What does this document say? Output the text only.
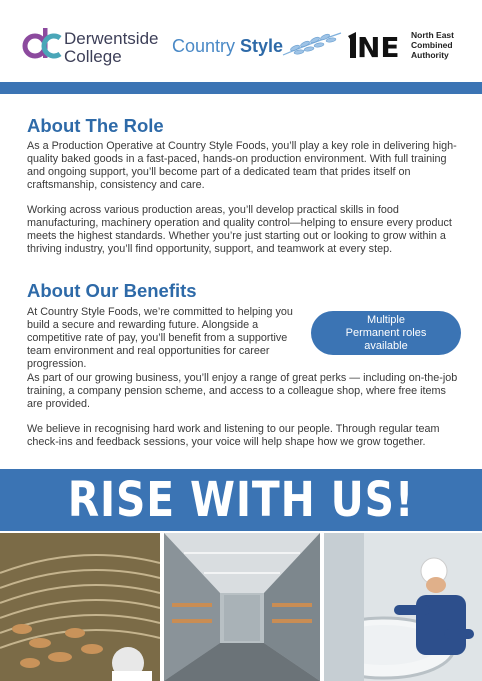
Derwentside
College
Country Style	NE North East
Combined
Authority
About The Role

As a Production Operative at Country Style Foods, you’ll play a key role in delivering high-quality baked goods in a fast-paced, hands-on production environment. With full training and ongoing support, you’ll become part of a dedicated team that prides itself on craftsmanship, consistency and care.

Working across various production areas, you’ll develop practical skills in food manufacturing, machinery operation and quality control—helping to ensure every product meets the highest standards. Whether you’re just starting out or looking to grow within a thriving industry, you’ll find opportunity, support, and teamwork at every step.

About Our Benefits

At Country Style Foods, we’re committed to helping you build a secure and rewarding future. Alongside a competitive rate of pay, you’ll benefit from a supportive team environment and real opportunities for career progression.

Multiple
Permanent roles
available

As part of our growing business, you’ll enjoy a range of great perks — including on-the-job training, a company pension scheme, and access to a colleague shop, where free items are provided.

We believe in recognising hard work and listening to our people. Through regular team check-ins and feedback sessions, your voice will help shape how we grow together.

RISE WITH US!
